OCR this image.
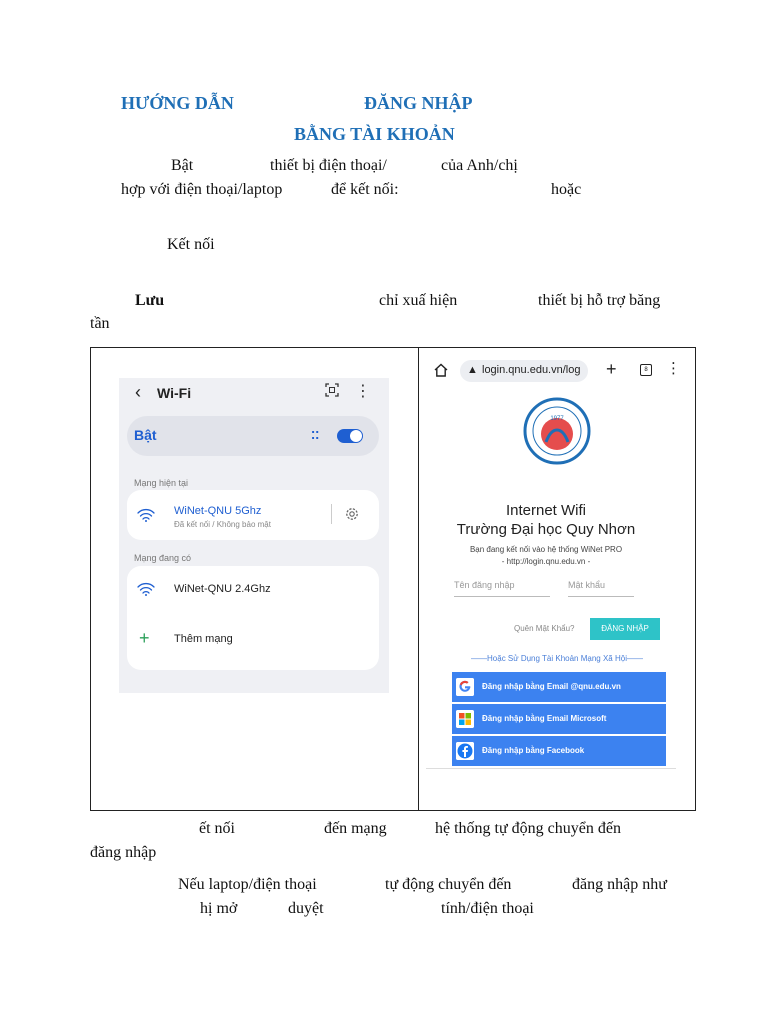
HƯỚNG DẪN	ĐĂNG NHẬP
BẰNG TÀI KHOẢN
Bật	thiết bị điện thoại/	của Anh/chị
hợp với điện thoại/laptop	để kết nối:	hoặc
Kết nối
Lưu	chỉ xuấ hiện	thiết bị hỗ trợ băng
tần
‹ Wi-Fi	⋮
Bật	⁚⁚
Mạng hiện tại
WiNet-QNU 5Ghz
Đã kết nối / Không bảo mật
Mạng đang có
WiNet-QNU 2.4Ghz
+ Thêm mạng
▲ login.qnu.edu.vn/log +	8 ⋮
1977
Internet Wifi
Trường Đại học Quy Nhơn
Bạn đang kết nối vào hệ thống WiNet PRO
- http://login.qnu.edu.vn -
Tên đăng nhập	Mật khẩu
Quên Mật Khẩu?	ĐĂNG NHẬP
——Hoặc Sử Dụng Tài Khoản Mạng Xã Hội——
Đăng nhập bằng Email @qnu.edu.vn
Đăng nhập bằng Email Microsoft
Đăng nhập bằng Facebook
ết nối	đến mạng	hệ thống tự động chuyển đến
đăng nhập
Nếu laptop/điện thoại	tự động chuyển đến	đăng nhập như
hị mở	duyệt	tính/điện thoại
